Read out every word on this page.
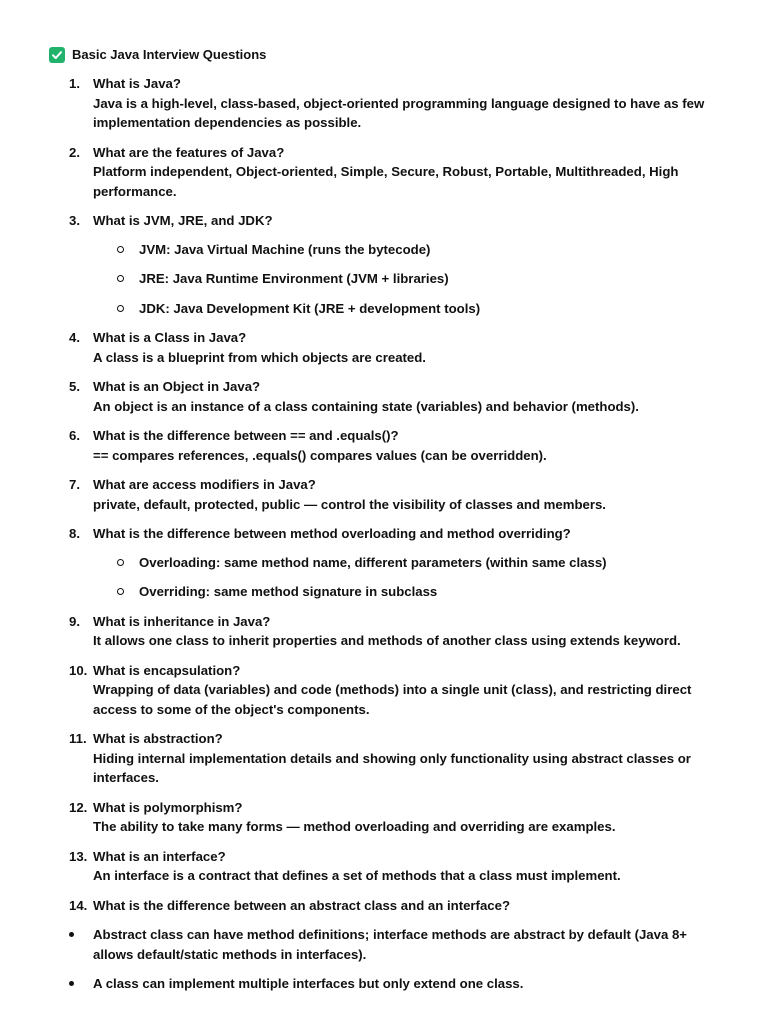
Basic Java Interview Questions
1. What is Java?
Java is a high-level, class-based, object-oriented programming language designed to have as few implementation dependencies as possible.
2. What are the features of Java?
Platform independent, Object-oriented, Simple, Secure, Robust, Portable, Multithreaded, High performance.
3. What is JVM, JRE, and JDK?
JVM: Java Virtual Machine (runs the bytecode)
JRE: Java Runtime Environment (JVM + libraries)
JDK: Java Development Kit (JRE + development tools)
4. What is a Class in Java?
A class is a blueprint from which objects are created.
5. What is an Object in Java?
An object is an instance of a class containing state (variables) and behavior (methods).
6. What is the difference between == and .equals()?
== compares references, .equals() compares values (can be overridden).
7. What are access modifiers in Java?
private, default, protected, public — control the visibility of classes and members.
8. What is the difference between method overloading and method overriding?
Overloading: same method name, different parameters (within same class)
Overriding: same method signature in subclass
9. What is inheritance in Java?
It allows one class to inherit properties and methods of another class using extends keyword.
10. What is encapsulation?
Wrapping of data (variables) and code (methods) into a single unit (class), and restricting direct access to some of the object's components.
11. What is abstraction?
Hiding internal implementation details and showing only functionality using abstract classes or interfaces.
12. What is polymorphism?
The ability to take many forms — method overloading and overriding are examples.
13. What is an interface?
An interface is a contract that defines a set of methods that a class must implement.
14. What is the difference between an abstract class and an interface?
Abstract class can have method definitions; interface methods are abstract by default (Java 8+ allows default/static methods in interfaces).
A class can implement multiple interfaces but only extend one class.
